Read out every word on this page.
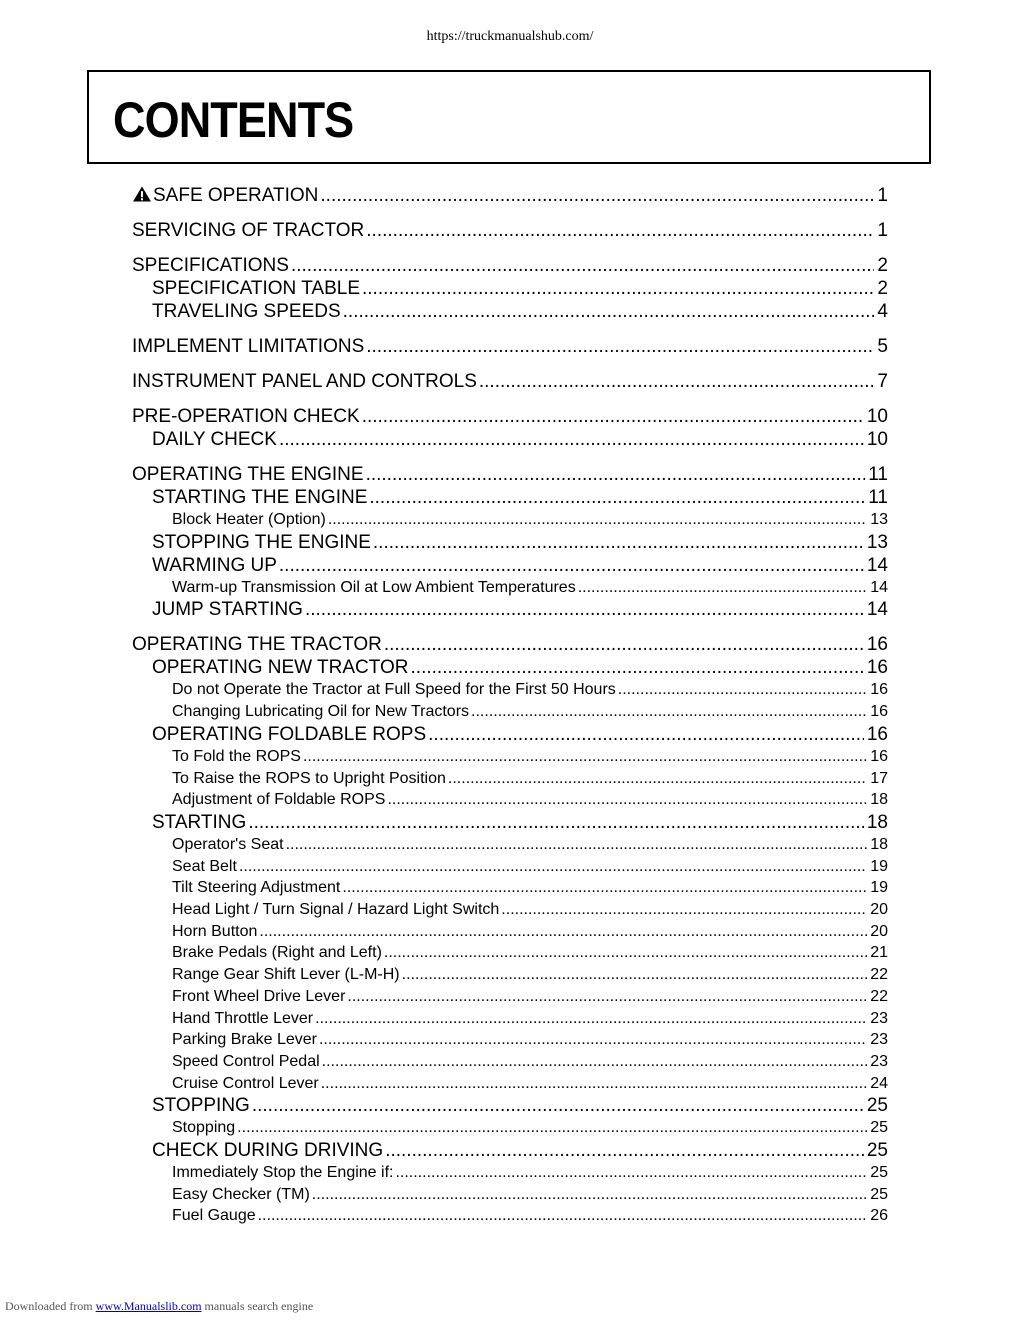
https://truckmanualshub.com/
CONTENTS
SAFE OPERATION .....	1
SERVICING OF TRACTOR .....	1
SPECIFICATIONS .....	2
SPECIFICATION TABLE .....	2
TRAVELING SPEEDS .....	4
IMPLEMENT LIMITATIONS .....	5
INSTRUMENT PANEL AND CONTROLS .....	7
PRE-OPERATION CHECK .....	10
DAILY CHECK .....	10
OPERATING THE ENGINE .....	11
STARTING THE ENGINE .....	11
Block Heater (Option) .....	13
STOPPING THE ENGINE .....	13
WARMING UP .....	14
Warm-up Transmission Oil at Low Ambient Temperatures .....	14
JUMP STARTING .....	14
OPERATING THE TRACTOR .....	16
OPERATING NEW TRACTOR .....	16
Do not Operate the Tractor at Full Speed for the First 50 Hours .....	16
Changing Lubricating Oil for New Tractors .....	16
OPERATING FOLDABLE ROPS .....	16
To Fold the ROPS .....	16
To Raise the ROPS to Upright Position .....	17
Adjustment of Foldable ROPS .....	18
STARTING .....	18
Operator's Seat .....	18
Seat Belt .....	19
Tilt Steering Adjustment .....	19
Head Light / Turn Signal / Hazard Light Switch .....	20
Horn Button .....	20
Brake Pedals (Right and Left) .....	21
Range Gear Shift Lever (L-M-H) .....	22
Front Wheel Drive Lever .....	22
Hand Throttle Lever .....	23
Parking Brake Lever .....	23
Speed Control Pedal .....	23
Cruise Control Lever .....	24
STOPPING .....	25
Stopping .....	25
CHECK DURING DRIVING .....	25
Immediately Stop the Engine if: .....	25
Easy Checker (TM) .....	25
Fuel Gauge .....	26
Downloaded from www.Manualslib.com manuals search engine
